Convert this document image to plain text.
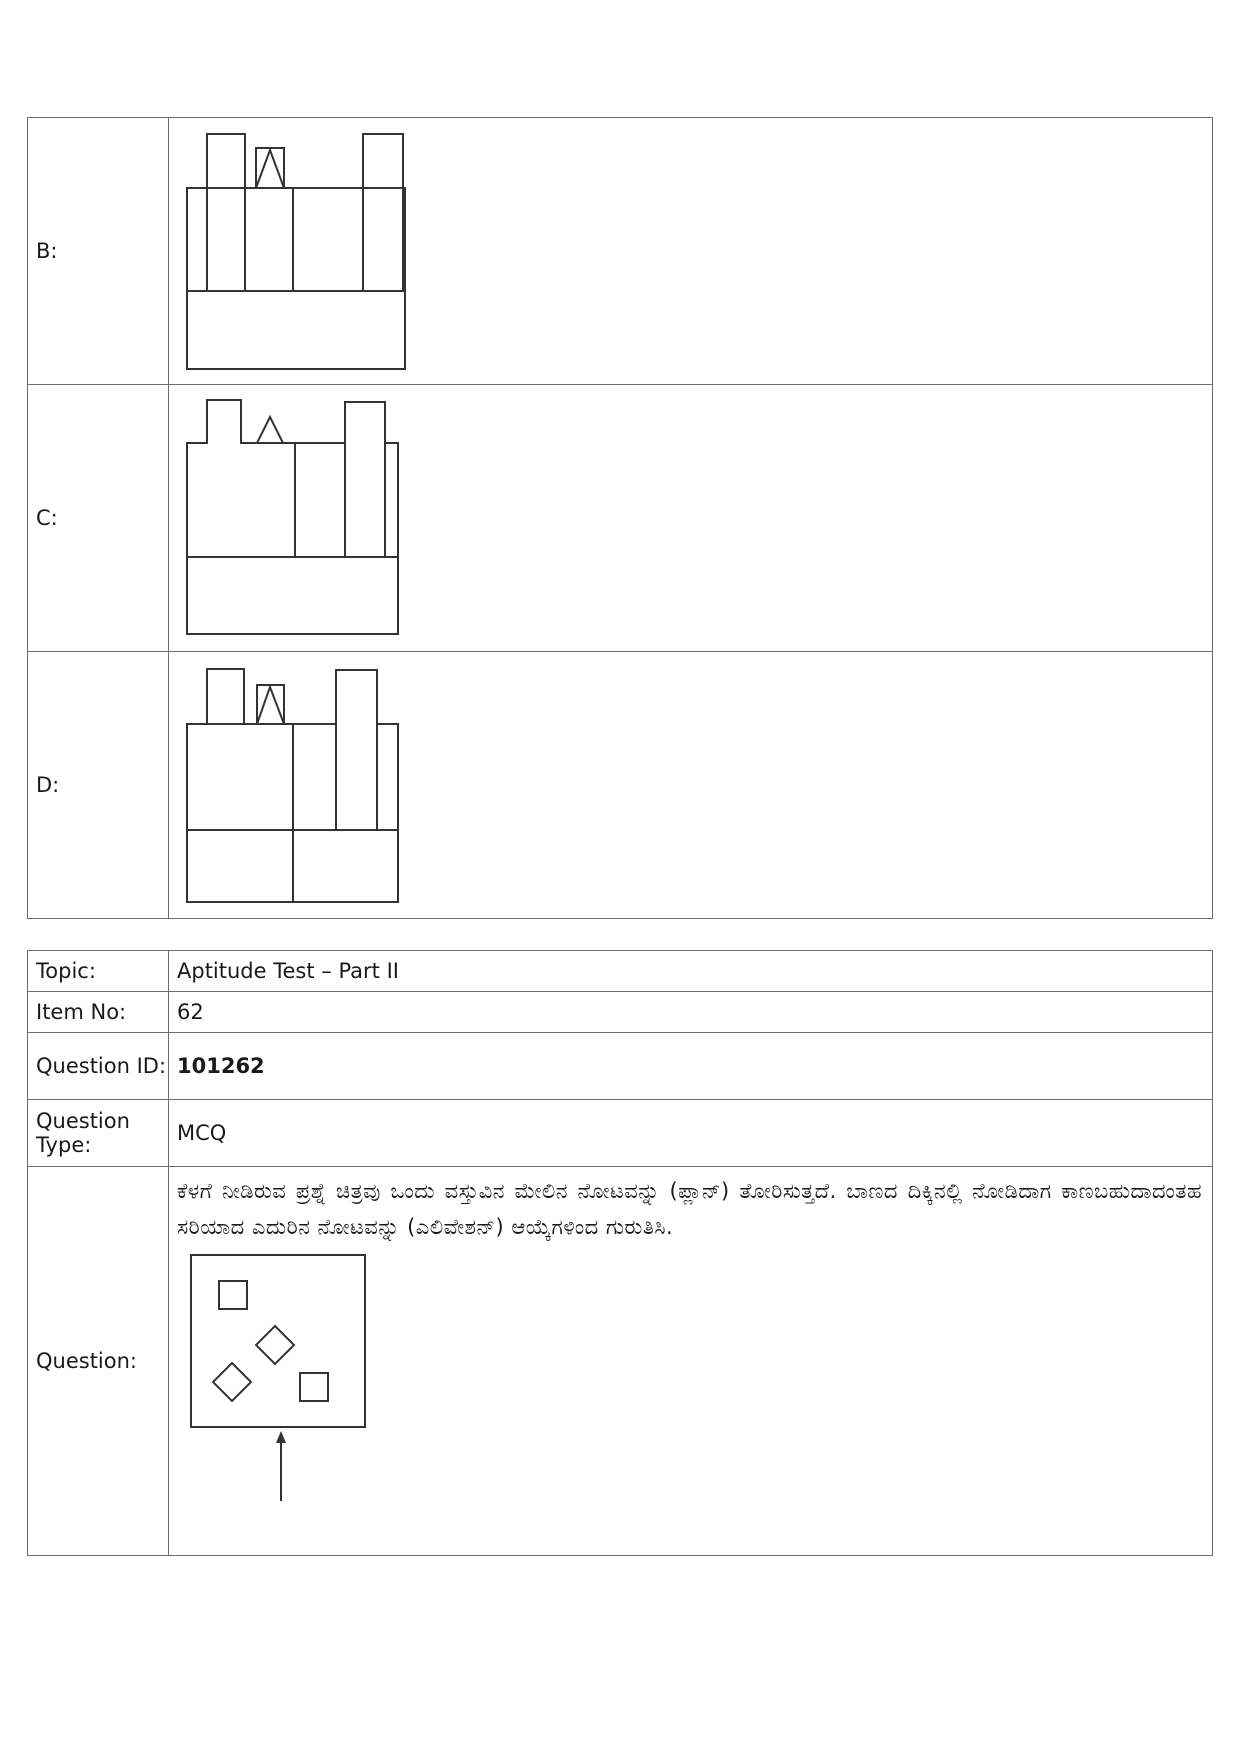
B:	

C:	

D:	
Topic:	Aptitude Test – Part II
Item No:	62
Question ID:	101262
Question Type:	MCQ
Question:	ಕೆಳಗೆ ನೀಡಿರುವ ಪ್ರಶ್ನೆ ಚಿತ್ರವು ಒಂದು ವಸ್ತುವಿನ ಮೇಲಿನ ನೋಟವನ್ನು (ಪ್ಲಾನ್) ತೋರಿಸುತ್ತದೆ. ಬಾಣದ ದಿಕ್ಕಿನಲ್ಲಿ ನೋಡಿದಾಗ ಕಾಣಬಹುದಾದಂತಹ ಸರಿಯಾದ ಎದುರಿನ ನೋಟವನ್ನು (ಎಲಿವೇಶನ್) ಆಯ್ಕೆಗಳಿಂದ ಗುರುತಿಸಿ.
